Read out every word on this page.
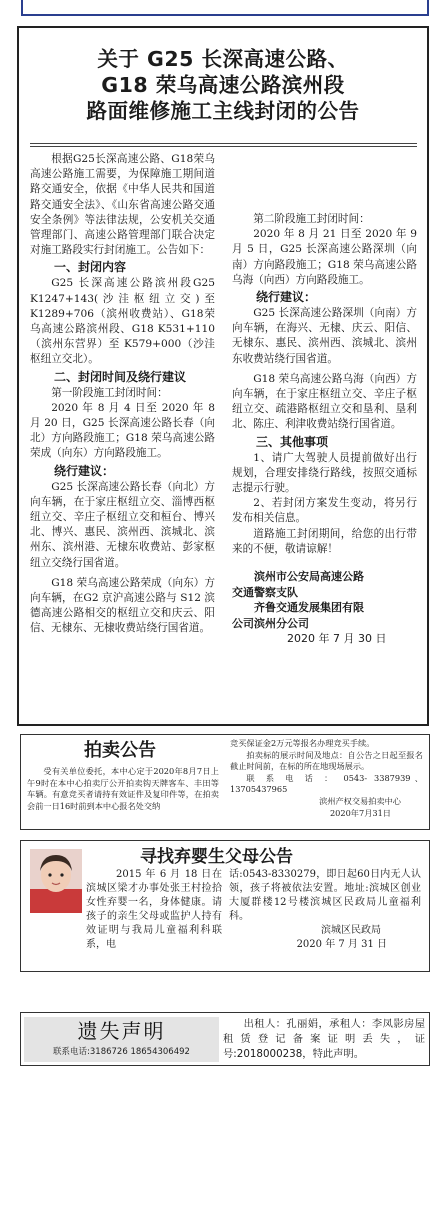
关于 G25 长深高速公路、
G18 荣乌高速公路滨州段
路面维修施工主线封闭的公告

根据G25长深高速公路、G18荣乌高速公路施工需要，为保障施工期间道路交通安全，依据《中华人民共和国道路交通安全法》、《山东省高速公路交通安全条例》等法律法规，公安机关交通管理部门、高速公路管理部门联合决定对施工路段实行封闭施工。公告如下：

一、封闭内容

G25 长深高速公路滨州段G25 K1247+143(沙洼枢纽立交)至 K1289+706（滨州收费站）、G18荣乌高速公路滨州段、G18 K531+110（滨州东营界）至 K579+000（沙洼枢纽立交北）。

二、封闭时间及绕行建议

第一阶段施工封闭时间：

2020 年 8 月 4 日至 2020 年 8 月 20 日，G25 长深高速公路长春（向北）方向路段施工；G18 荣乌高速公路荣成（向东）方向路段施工。

绕行建议：

G25 长深高速公路长春（向北）方向车辆，在于家庄枢纽立交、淄博西枢纽立交、辛庄子枢纽立交和桓台、博兴北、博兴、惠民、滨州西、滨城北、滨州东、滨州港、无棣东收费站、彭家枢纽立交绕行国省道。

G18 荣乌高速公路荣成（向东）方向车辆，在G2 京沪高速公路与 S12 滨德高速公路相交的枢纽立交和庆云、阳信、无棣东、无棣收费站绕行国省道。

第二阶段施工封闭时间：

2020 年 8 月 21 日至 2020 年 9 月 5 日，G25 长深高速公路深圳（向南）方向路段施工；G18 荣乌高速公路乌海（向西）方向路段施工。

绕行建议：

G25 长深高速公路深圳（向南）方向车辆，在海兴、无棣、庆云、阳信、无棣东、惠民、滨州西、滨城北、滨州东收费站绕行国省道。

G18 荣乌高速公路乌海（向西）方向车辆，在于家庄枢纽立交、辛庄子枢纽立交、疏港路枢纽立交和垦利、垦利北、陈庄、利津收费站绕行国省道。

三、其他事项

1、请广大驾驶人员提前做好出行规划，合理安排绕行路线，按照交通标志提示行驶。

2、若封闭方案发生变动，将另行发布相关信息。

道路施工封闭期间，给您的出行带来的不便，敬请谅解！

滨州市公安局高速公路
交通警察支队
齐鲁交通发展集团有限
公司滨州分公司
2020 年 7 月 30 日
拍卖公告
受有关单位委托，本中心定于2020年8月7日上午9时在本中心拍卖厅公开拍卖钩天牌客车、丰田等车辆。有意竞买者请持有效证件及复印件等，在拍卖会前一日16时前到本中心报名处交纳
竞买保证金2万元等报名办理竞买手续。
拍卖标的展示时间及地点：自公告之日起至报名截止时间前，在标的所在地现场展示。
联 系 电 话 ： 0543- 3387939、13705437965
滨州产权交易拍卖中心
2020年7月31日
寻找弃婴生父母公告
2015 年 6 月 18 日在滨城区梁才办事处张王村捡拾女性弃婴一名，身体健康。请孩子的亲生父母或监护人持有效证明与我局儿童福利科联系，电
话:0543-8330279，即日起60日内无人认领，孩子将被依法安置。地址:滨城区创业大厦群楼12号楼滨城区民政局儿童福利科。
滨城区民政局
2020 年 7 月 31 日
遗失声明
联系电话:3186726 18654306492
出租人：孔丽娟，承租人：李凤影房屋租赁登记备案证明丢失，证号:2018000238，特此声明。
